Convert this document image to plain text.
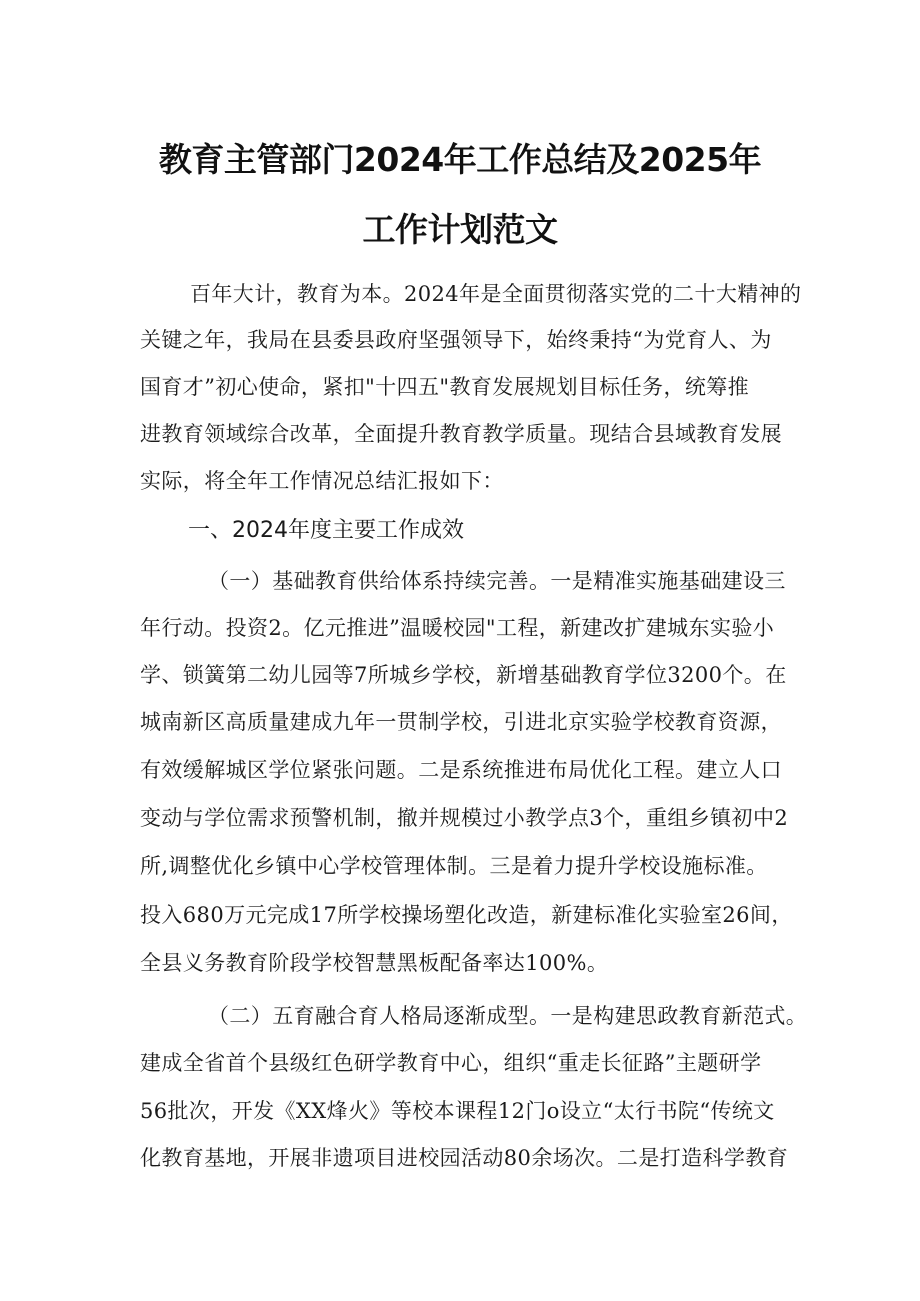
教育主管部门2024年工作总结及2025年
工作计划范文
百年大计，教育为本。2024年是全面贯彻落实党的二十大精神的
关键之年，我局在县委县政府坚强领导下，始终秉持“为党育人、为
国育才”初心使命，紧扣"十四五"教育发展规划目标任务，统筹推
进教育领域综合改革，全面提升教育教学质量。现结合县域教育发展
实际，将全年工作情况总结汇报如下：
一、2024年度主要工作成效
（一）基础教育供给体系持续完善。一是精准实施基础建设三
年行动。投资2。亿元推进”温暖校园"工程，新建改扩建城东实验小
学、锁簧第二幼儿园等7所城乡学校，新增基础教育学位3200个。在
城南新区高质量建成九年一贯制学校，引进北京实验学校教育资源，
有效缓解城区学位紧张问题。二是系统推进布局优化工程。建立人口
变动与学位需求预警机制，撤并规模过小教学点3个，重组乡镇初中2
所,调整优化乡镇中心学校管理体制。三是着力提升学校设施标准。
投入680万元完成17所学校操场塑化改造，新建标准化实验室26间，
全县义务教育阶段学校智慧黑板配备率达100%。
（二）五育融合育人格局逐渐成型。一是构建思政教育新范式。
建成全省首个县级红色研学教育中心，组织“重走长征路”主题研学
56批次，开发《XX烽火》等校本课程12门o设立“太行书院“传统文
化教育基地，开展非遗项目进校园活动80余场次。二是打造科学教育
